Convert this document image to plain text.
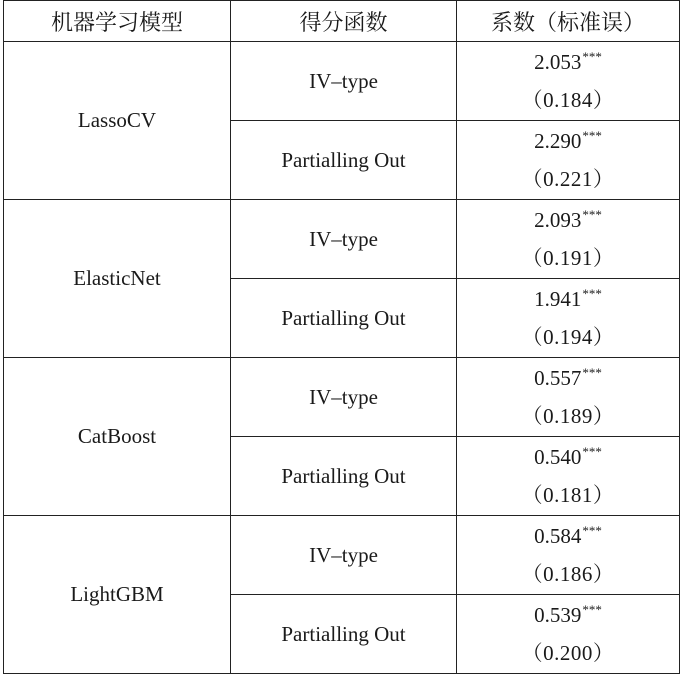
机器学习模型	得分函数	系数（标准误）
LassoCV	IV–type	2.053***
（0.184）

	Partialling Out	2.290***
（0.221）

ElasticNet	IV–type	2.093***
（0.191）

	Partialling Out	1.941***
（0.194）

CatBoost	IV–type	0.557***
（0.189）

	Partialling Out	0.540***
（0.181）

LightGBM	IV–type	0.584***
（0.186）

	Partialling Out	0.539***
（0.200）
